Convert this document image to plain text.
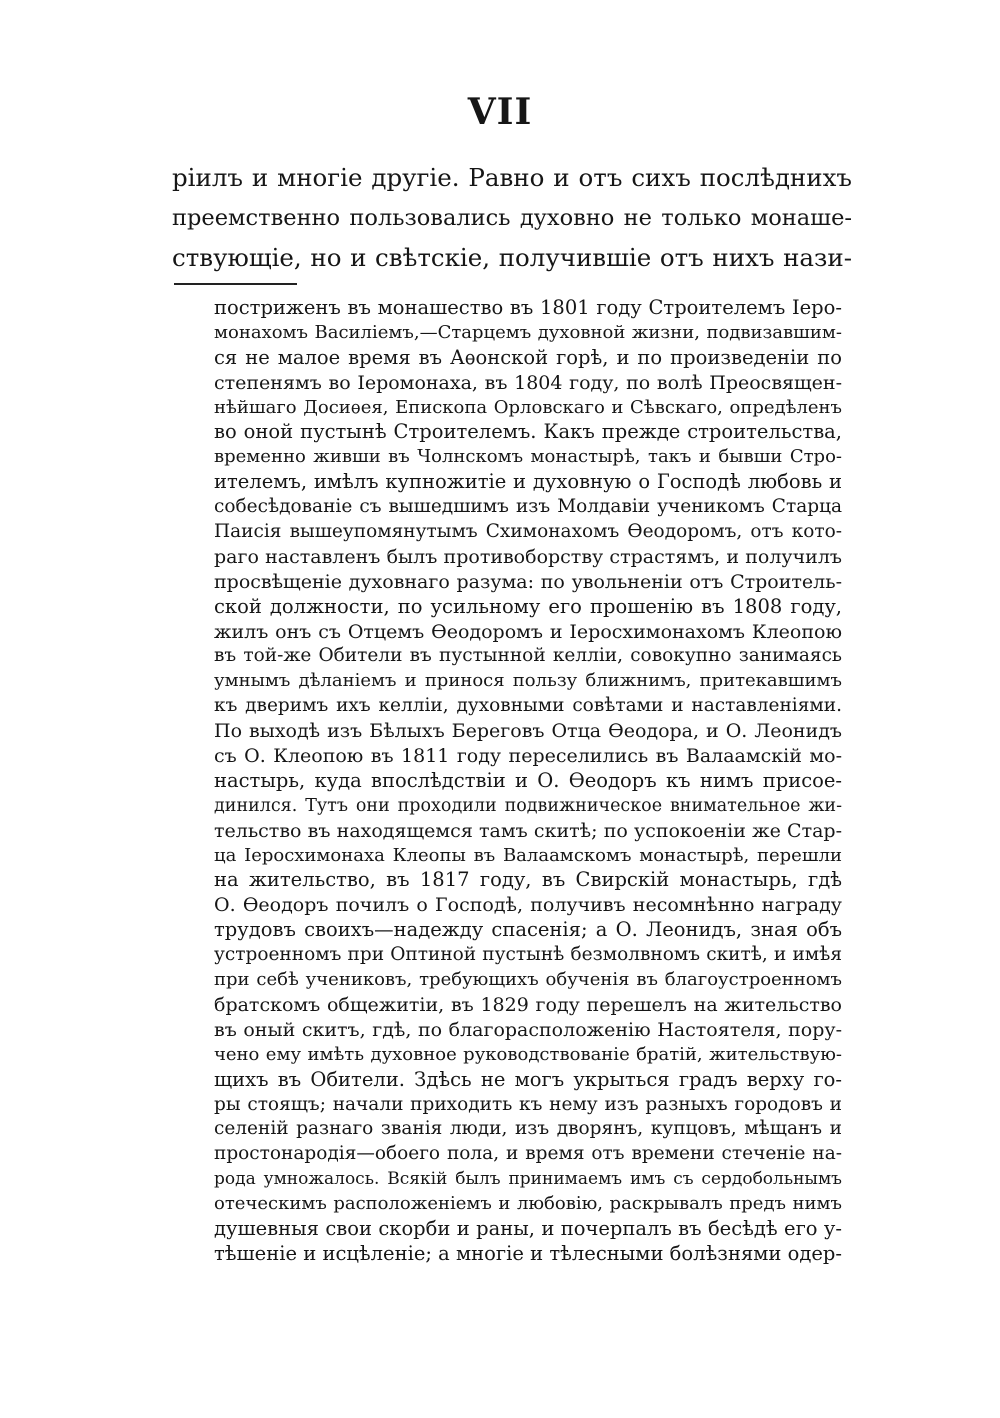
VII
рiилъ и многiе другiе. Равно и отъ сихъ послѣднихъ
преемственно пользовались духовно не только монаше-
ствующiе, но и свѣтскiе, получившiе отъ нихъ нази-
постриженъ въ монашество въ 1801 году Строителемъ Iеро-
монахомъ Василiемъ,—Старцемъ духовной жизни, подвизавшим-
ся не малое время въ Аѳонской горѣ, и по произведенiи по
степенямъ во Iеромонаха, въ 1804 году, по волѣ Преосвящен-
нѣйшаго Досиѳея, Епископа Орловскаго и Сѣвскаго, опредѣленъ
во оной пустынѣ Строителемъ. Какъ прежде строительства,
временно живши въ Чолнскомъ монастырѣ, такъ и бывши Стро-
ителемъ, имѣлъ купножитiе и духовную о Господѣ любовь и
собесѣдованiе съ вышедшимъ изъ Молдавiи ученикомъ Старца
Паисiя вышеупомянутымъ Схимонахомъ Ѳеодоромъ, отъ кото-
раго наставленъ былъ противоборству страстямъ, и получилъ
просвѣщенiе духовнаго разума: по увольненiи отъ Строитель-
ской должности, по усильному его прошенiю въ 1808 году,
жилъ онъ съ Отцемъ Ѳеодоромъ и Iеросхимонахомъ Клеопою
въ той-же Обители въ пустынной келлiи, совокупно занимаясь
умнымъ дѣланiемъ и принося пользу ближнимъ, притекавшимъ
къ дверимъ ихъ келлiи, духовными совѣтами и наставленiями.
По выходѣ изъ Бѣлыхъ Береговъ Отца Ѳеодора, и О. Леонидъ
съ О. Клеопою въ 1811 году переселились въ Валаамскiй мо-
настырь, куда впослѣдствiи и О. Ѳеодоръ къ нимъ присое-
динился. Тутъ они проходили подвижническое внимательное жи-
тельство въ находящемся тамъ скитѣ; по успокоенiи же Стар-
ца Iеросхимонаха Клеопы въ Валаамскомъ монастырѣ, перешли
на жительство, въ 1817 году, въ Свирскiй монастырь, гдѣ
О. Ѳеодоръ почилъ о Господѣ, получивъ несомнѣнно награду
трудовъ своихъ—надежду спасенiя; а О. Леонидъ, зная объ
устроенномъ при Оптиной пустынѣ безмолвномъ скитѣ, и имѣя
при себѣ учениковъ, требующихъ обученiя въ благоустроенномъ
братскомъ общежитiи, въ 1829 году перешелъ на жительство
въ оный скитъ, гдѣ, по благорасположенiю Настоятеля, пору-
чено ему имѣть духовное руководствованiе братiй, жительствую-
щихъ въ Обители. Здѣсь не могъ укрыться градъ верху го-
ры стоящъ; начали приходить къ нему изъ разныхъ городовъ и
селенiй разнаго званiя люди, изъ дворянъ, купцовъ, мѣщанъ и
простонародiя—обоего пола, и время отъ времени стеченiе на-
рода умножалось. Всякiй былъ принимаемъ имъ съ сердобольнымъ
отеческимъ расположенiемъ и любовiю, раскрывалъ предъ нимъ
душевныя свои скорби и раны, и почерпалъ въ бесѣдѣ его у-
тѣшенiе и исцѣленiе; а многiе и тѣлесными болѣзнями одер-
